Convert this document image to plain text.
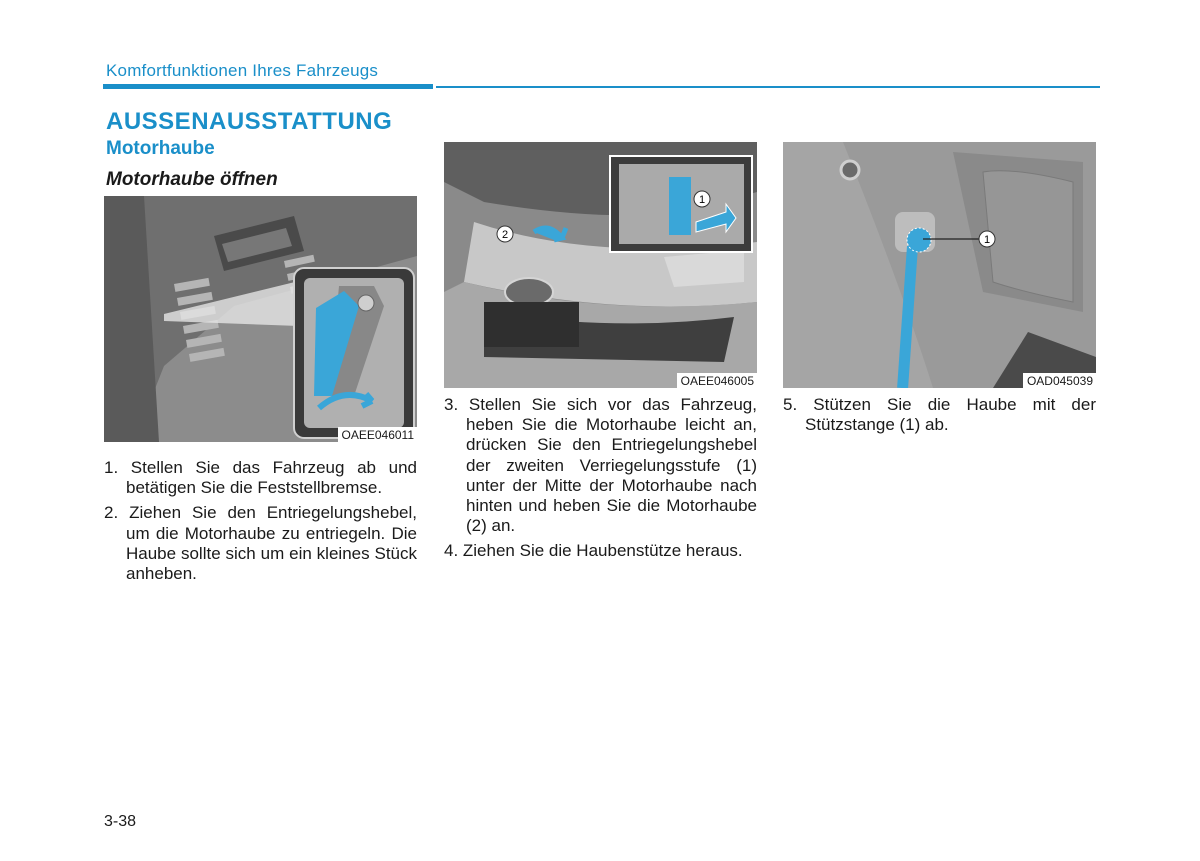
Komfortfunktionen Ihres Fahrzeugs
AUSSENAUSSTATTUNG
Motorhaube
Motorhaube öffnen
OAEE046011
1
2
OAEE046005
1
OAD045039
1. Stellen Sie das Fahrzeug ab und betätigen Sie die Feststellbremse.
2. Ziehen Sie den Entriegelungshebel, um die Motorhaube zu entriegeln. Die Haube sollte sich um ein kleines Stück anheben.
3. Stellen Sie sich vor das Fahrzeug, heben Sie die Motorhaube leicht an, drücken Sie den Entriegelungshebel der zweiten Verriegelungsstufe (1) unter der Mitte der Motorhaube nach hinten und heben Sie die Motorhaube (2) an.
4. Ziehen Sie die Haubenstütze heraus.
5. Stützen Sie die Haube mit der Stützstange (1) ab.
3-38
